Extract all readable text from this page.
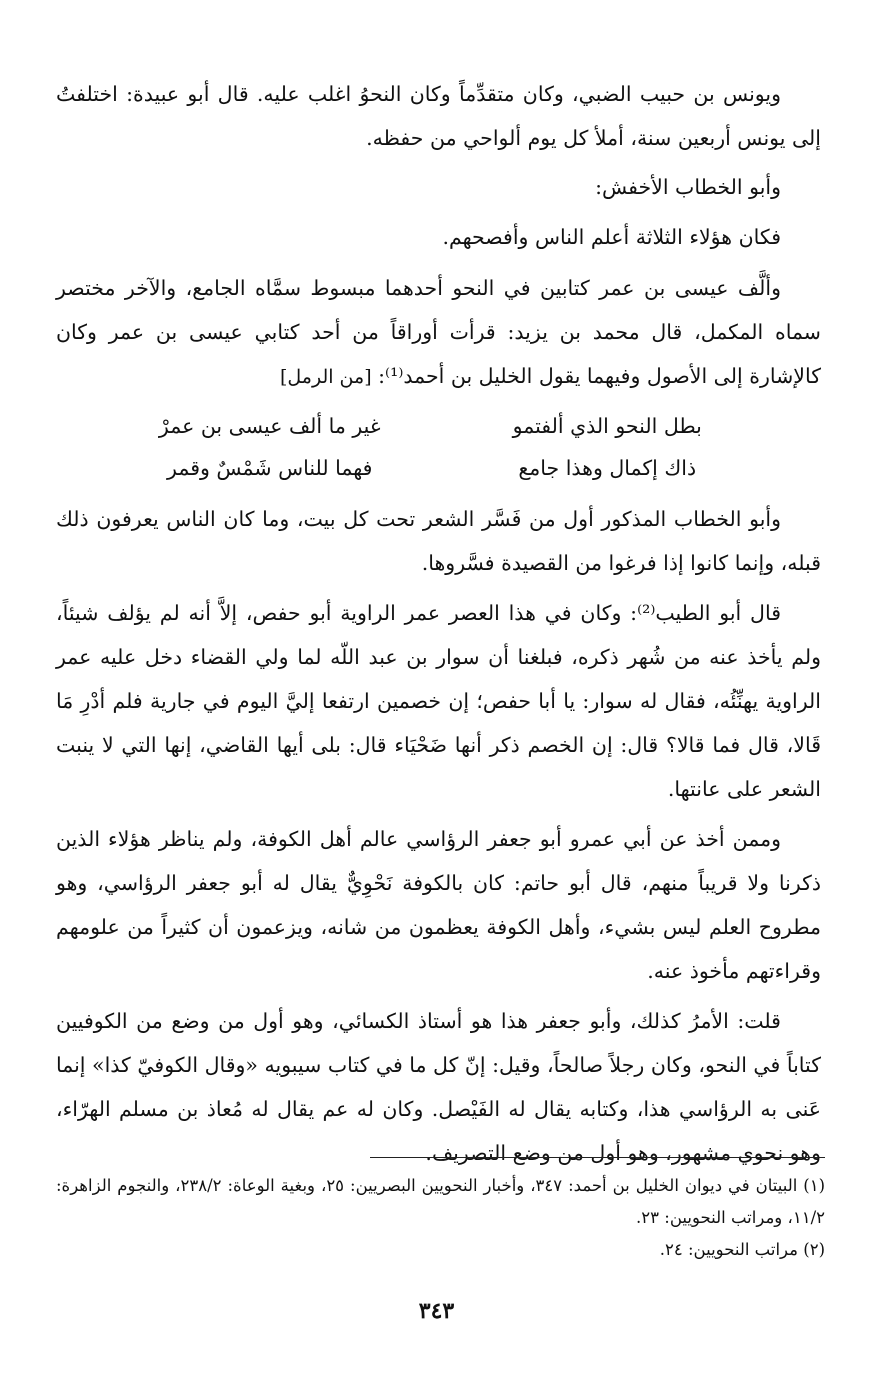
ويونس بن حبيب الضبي، وكان متقدِّماً وكان النحوُ اغلب عليه. قال أبو عبيدة: اختلفتُ إلى يونس أربعين سنة، أملأ كل يوم ألواحي من حفظه.

وأبو الخطاب الأخفش:

فكان هؤلاء الثلاثة أعلم الناس وأفصحهم.

وألَّف عيسى بن عمر كتابين في النحو أحدهما مبسوط سمَّاه الجامع، والآخر مختصر سماه المكمل، قال محمد بن يزيد: قرأت أوراقاً من أحد كتابي عيسى بن عمر وكان كالإشارة إلى الأصول وفيهما يقول الخليل بن أحمد⁽¹⁾: [من الرمل]

بطل النحو الذي ألفتمو
غير ما ألف عيسى بن عمرْ
ذاك إكمال وهذا جامع
فهما للناس شَمْسٌ وقمر

وأبو الخطاب المذكور أول من فَسَّر الشعر تحت كل بيت، وما كان الناس يعرفون ذلك قبله، وإنما كانوا إذا فرغوا من القصيدة فسَّروها.

قال أبو الطيب⁽²⁾: وكان في هذا العصر عمر الراوية أبو حفص، إلاَّ أنه لم يؤلف شيئاً، ولم يأخذ عنه من شُهر ذكره، فبلغنا أن سوار بن عبد اللّه لما ولي القضاء دخل عليه عمر الراوية يهنِّئُه، فقال له سوار: يا أبا حفص؛ إن خصمين ارتفعا إليَّ اليوم في جارية فلم أدْرِ مَا قَالا، قال فما قالا؟ قال: إن الخصم ذكر أنها ضَحْيَاء قال: بلى أيها القاضي، إنها التي لا ينبت الشعر على عانتها.

وممن أخذ عن أبي عمرو أبو جعفر الرؤاسي عالم أهل الكوفة، ولم يناظر هؤلاء الذين ذكرنا ولا قريباً منهم، قال أبو حاتم: كان بالكوفة نَحْوِيٌّ يقال له أبو جعفر الرؤاسي، وهو مطروح العلم ليس بشيء، وأهل الكوفة يعظمون من شانه، ويزعمون أن كثيراً من علومهم وقراءتهم مأخوذ عنه.

قلت: الأمرُ كذلك، وأبو جعفر هذا هو أستاذ الكسائي، وهو أول من وضع من الكوفيين كتاباً في النحو، وكان رجلاً صالحاً، وقيل: إنّ كل ما في كتاب سيبويه «وقال الكوفيّ كذا» إنما عَنى به الرؤاسي هذا، وكتابه يقال له الفَيْصل. وكان له عم يقال له مُعاذ بن مسلم الهرّاء، وهو نحوي مشهور، وهو أول من وضع التصريف.

(١) البيتان في ديوان الخليل بن أحمد: ٣٤٧، وأخبار النحويين البصريين: ٢٥، وبغية الوعاة: ٢٣٨/٢، والنجوم الزاهرة: ١١/٢، ومراتب النحويين: ٢٣.

(٢) مراتب النحويين: ٢٤.

٣٤٣
